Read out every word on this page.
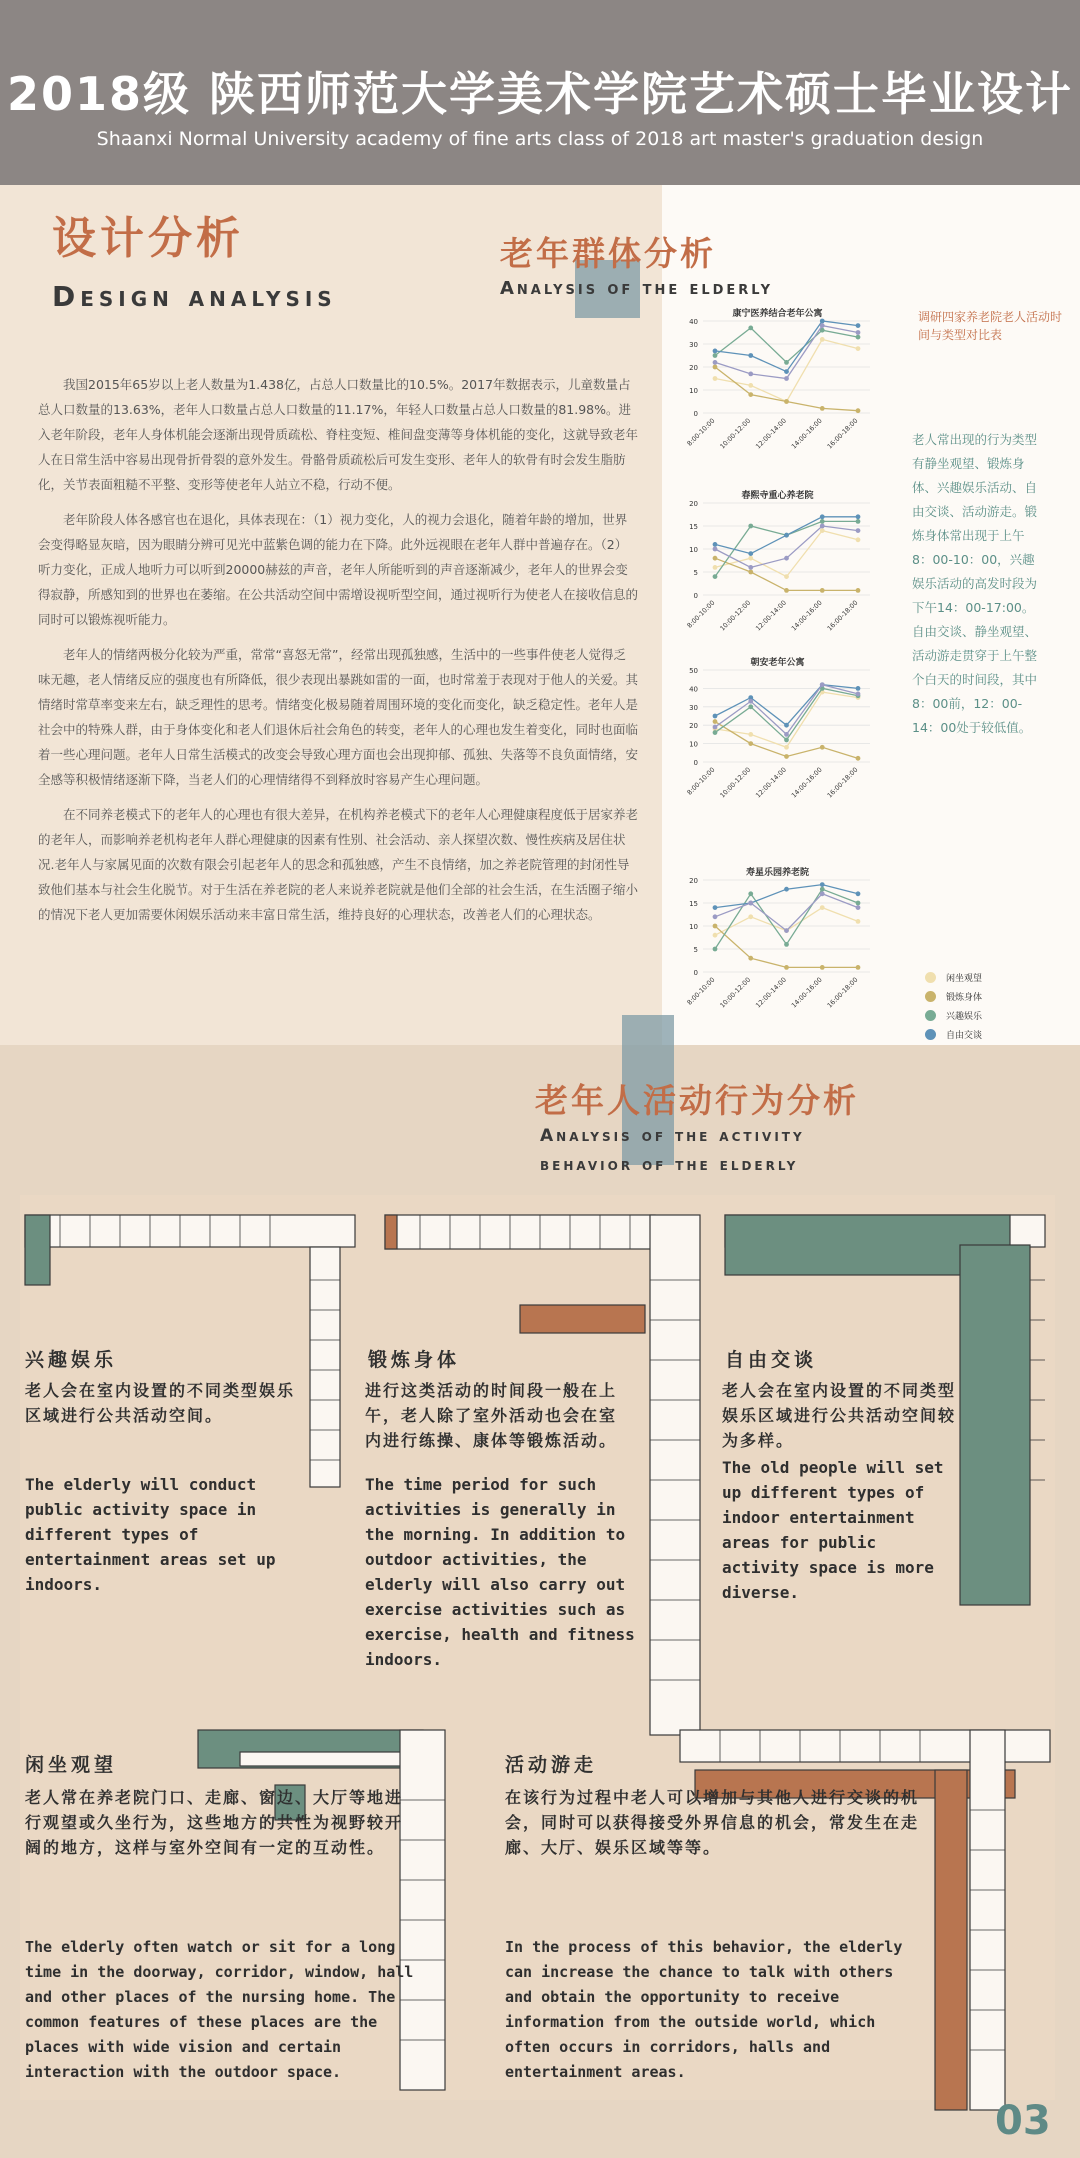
2018级 陕西师范大学美术学院艺术硕士毕业设计
Shaanxi Normal University academy of fine arts class of 2018 art master's graduation design
设计分析
Design analysis

我国2015年65岁以上老人数量为1.438亿，占总人口数量比的10.5%。2017年数据表示，儿童数量占总人口数量的13.63%，老年人口数量占总人口数量的11.17%，年轻人口数量占总人口数量的81.98%。进入老年阶段，老年人身体机能会逐渐出现骨质疏松、脊柱变短、椎间盘变薄等身体机能的变化，这就导致老年人在日常生活中容易出现骨折骨裂的意外发生。骨骼骨质疏松后可发生变形、老年人的软骨有时会发生脂肪化，关节表面粗糙不平整、变形等使老年人站立不稳，行动不便。

老年阶段人体各感官也在退化，具体表现在：（1）视力变化，人的视力会退化，随着年龄的增加，世界会变得略显灰暗，因为眼睛分辨可见光中蓝紫色调的能力在下降。此外远视眼在老年人群中普遍存在。（2）听力变化，正成人地听力可以听到20000赫兹的声音，老年人所能听到的声音逐渐减少，老年人的世界会变得寂静，所感知到的世界也在萎缩。在公共活动空间中需增设视听型空间，通过视听行为使老人在接收信息的同时可以锻炼视听能力。

老年人的情绪两极分化较为严重，常常“喜怒无常”，经常出现孤独感，生活中的一些事件使老人觉得乏味无趣，老人情绪反应的强度也有所降低，很少表现出暴跳如雷的一面，也时常羞于表现对于他人的关爱。其情绪时常草率变来左右，缺乏理性的思考。情绪变化极易随着周围环境的变化而变化，缺乏稳定性。老年人是社会中的特殊人群，由于身体变化和老人们退休后社会角色的转变，老年人的心理也发生着变化，同时也面临着一些心理问题。老年人日常生活模式的改变会导致心理方面也会出现抑郁、孤独、失落等不良负面情绪，安全感等积极情绪逐渐下降，当老人们的心理情绪得不到释放时容易产生心理问题。

在不同养老模式下的老年人的心理也有很大差异，在机构养老模式下的老年人心理健康程度低于居家养老的老年人，而影响养老机构老年人群心理健康的因素有性别、社会活动、亲人探望次数、慢性疾病及居住状况.老年人与家属见面的次数有限会引起老年人的思念和孤独感，产生不良情绪，加之养老院管理的封闭性导致他们基本与社会生化脱节。对于生活在养老院的老人来说养老院就是他们全部的社会生活，在生活圈子缩小的情况下老人更加需要休闲娱乐活动来丰富日常生活，维持良好的心理状态，改善老人们的心理状态。

老年群体分析
Analysis of the elderly
调研四家养老院老人活动时间与类型对比表
老人常出现的行为类型有静坐观望、锻炼身体、兴趣娱乐活动、自由交谈、活动游走。锻炼身体常出现于上午8：00-10：00，兴趣娱乐活动的高发时段为下午14：00-17:00。自由交谈、静坐观望、活动游走贯穿于上午整个白天的时间段，其中8：00前，12：00-14：00处于较低值。
0
10
20
30
40
8:00-10:00 10:00-12:00 12:00-14:00 14:00-16:00 16:00-18:00
康宁医养结合老年公寓
0
5
10
15
20
8:00-10:00 10:00-12:00 12:00-14:00 14:00-16:00 16:00-18:00
春熙寺重心养老院
0
10
20
30
40
50
8:00-10:00 10:00-12:00 12:00-14:00 14:00-16:00 16:00-18:00
朝安老年公寓
0
5
10
15
20
8:00-10:00 10:00-12:00 12:00-14:00 14:00-16:00 16:00-18:00
寿星乐园养老院
闲坐观望
锻炼身体
兴趣娱乐
自由交谈
老年人活动行为分析
Analysis of the activity
behavior of the elderly
兴趣娱乐
老人会在室内设置的不同类型娱乐区域进行公共活动空间。
The elderly will conduct public activity space in different types of entertainment areas set up indoors.
锻炼身体
进行这类活动的时间段一般在上午，老人除了室外活动也会在室内进行练操、康体等锻炼活动。
The time period for such activities is generally in the morning. In addition to outdoor activities, the elderly will also carry out exercise activities such as exercise, health and fitness indoors.
自由交谈
老人会在室内设置的不同类型娱乐区域进行公共活动空间较为多样。
The old people will set up different types of indoor entertainment areas for public activity space is more diverse.
闲坐观望
老人常在养老院门口、走廊、窗边、大厅等地进行观望或久坐行为，这些地方的共性为视野较开阔的地方，这样与室外空间有一定的互动性。
The elderly often watch or sit for a long time in the doorway, corridor, window, hall and other places of the nursing home. The common features of these places are the places with wide vision and certain interaction with the outdoor space.
活动游走
在该行为过程中老人可以增加与其他人进行交谈的机会，同时可以获得接受外界信息的机会，常发生在走廊、大厅、娱乐区域等等。
In the process of this behavior, the elderly can increase the chance to talk with others and obtain the opportunity to receive information from the outside world, which often occurs in corridors, halls and entertainment areas.
03
